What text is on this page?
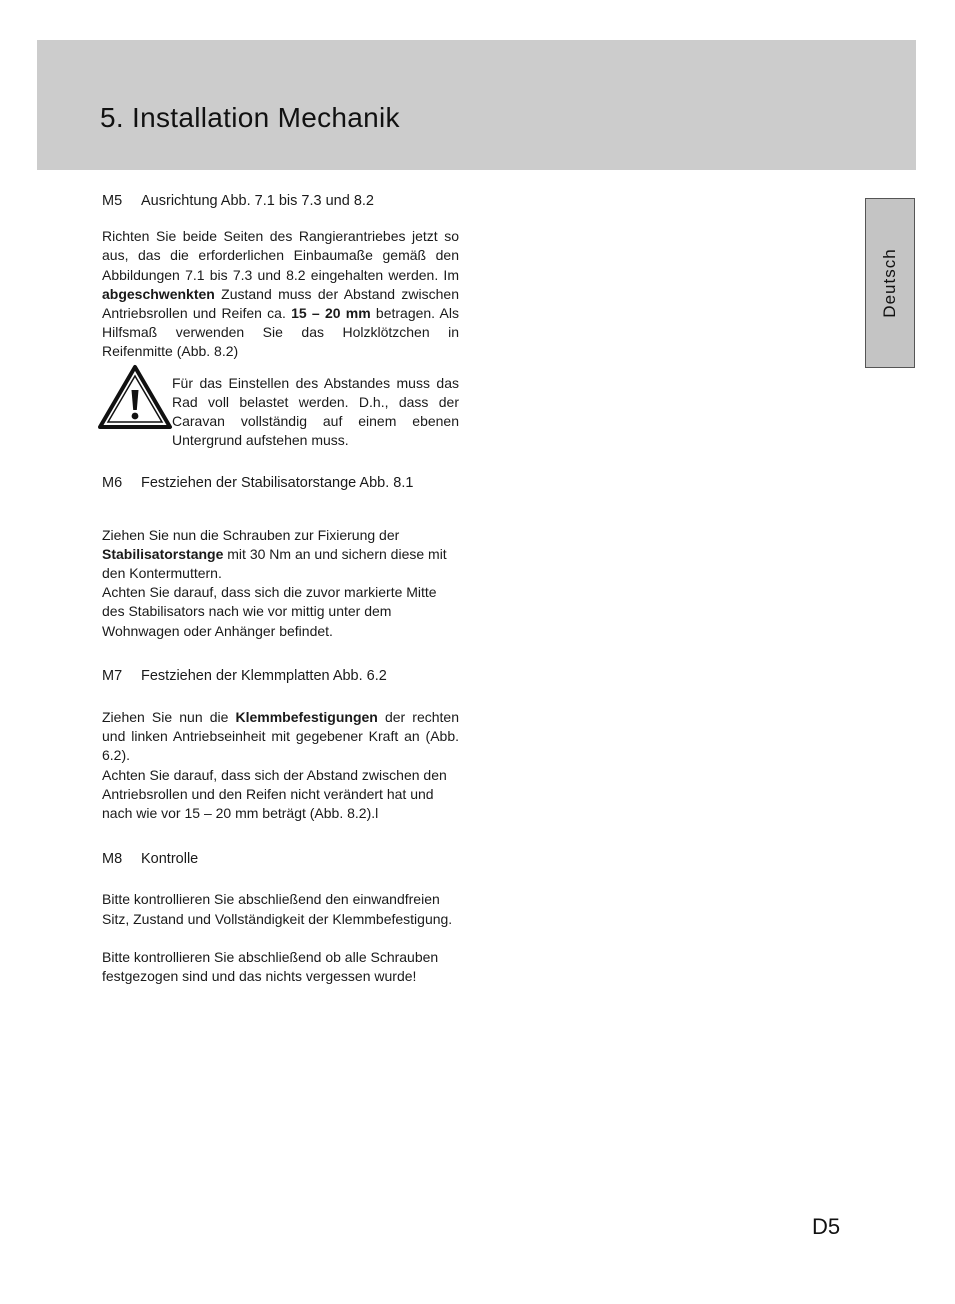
5. Installation Mechanik
Deutsch
M5	Ausrichtung Abb. 7.1 bis 7.3 und 8.2

Richten Sie beide Seiten des Rangierantriebes jetzt so aus, das die erforderlichen Einbaumaße gemäß den Abbildungen 7.1 bis 7.3 und 8.2 eingehalten werden. Im abgeschwenkten Zustand muss der Abstand zwischen Antriebsrollen und Reifen ca. 15 – 20 mm betragen. Als Hilfsmaß verwenden Sie das Holzklötzchen in Reifenmitte (Abb. 8.2)

Für das Einstellen des Abstandes muss das Rad voll belastet werden. D.h., dass der Caravan vollständig auf einem ebenen Untergrund aufstehen muss.

M6	Festziehen der Stabilisatorstange Abb. 8.1

Ziehen Sie nun die Schrauben zur Fixierung der Stabilisatorstange mit 30 Nm an und sichern diese mit den Kontermuttern.

Achten Sie darauf, dass sich die zuvor markierte Mitte des Stabilisators nach wie vor mittig unter dem Wohnwagen oder Anhänger befindet.

M7	Festziehen der Klemmplatten Abb. 6.2

Ziehen Sie nun die Klemmbefestigungen der rechten und linken Antriebseinheit mit gegebener Kraft an (Abb. 6.2).

Achten Sie darauf, dass sich der Abstand zwischen den Antriebsrollen und den Reifen nicht verändert hat und nach wie vor 15 – 20 mm beträgt (Abb. 8.2).l

M8	Kontrolle

Bitte kontrollieren Sie abschließend den einwandfreien Sitz, Zustand und Vollständigkeit der Klemmbefestigung.

Bitte kontrollieren Sie abschließend ob alle Schrauben festgezogen sind und das nichts vergessen wurde!

D5
